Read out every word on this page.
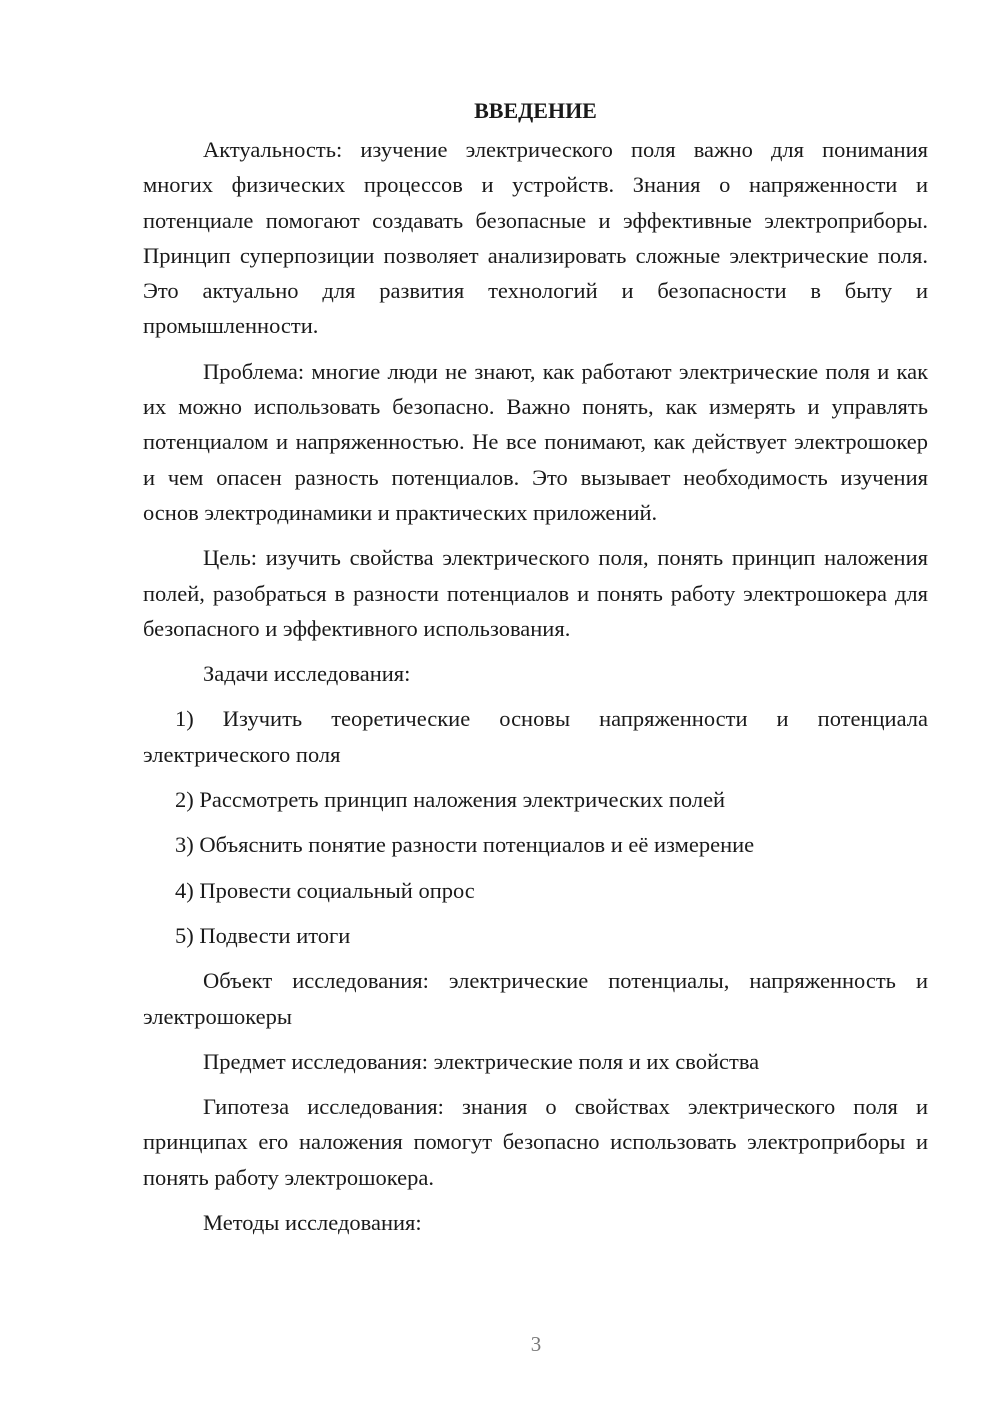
ВВЕДЕНИЕ

Актуальность: изучение электрического поля важно для понимания многих физических процессов и устройств. Знания о напряженности и потенциале помогают создавать безопасные и эффективные электроприборы. Принцип суперпозиции позволяет анализировать сложные электрические поля. Это актуально для развития технологий и безопасности в быту и промышленности.

Проблема: многие люди не знают, как работают электрические поля и как их можно использовать безопасно. Важно понять, как измерять и управлять потенциалом и напряженностью. Не все понимают, как действует электрошокер и чем опасен разность потенциалов. Это вызывает необходимость изучения основ электродинамики и практических приложений.

Цель: изучить свойства электрического поля, понять принцип наложения полей, разобраться в разности потенциалов и понять работу электрошокера для безопасного и эффективного использования.

Задачи исследования:

1) Изучить теоретические основы напряженности и потенциала электрического поля

2) Рассмотреть принцип наложения электрических полей

3) Объяснить понятие разности потенциалов и её измерение

4) Провести социальный опрос

5) Подвести итоги

Объект исследования: электрические потенциалы, напряженность и электрошокеры

Предмет исследования: электрические поля и их свойства

Гипотеза исследования: знания о свойствах электрического поля и принципах его наложения помогут безопасно использовать электроприборы и понять работу электрошокера.

Методы исследования:

3
